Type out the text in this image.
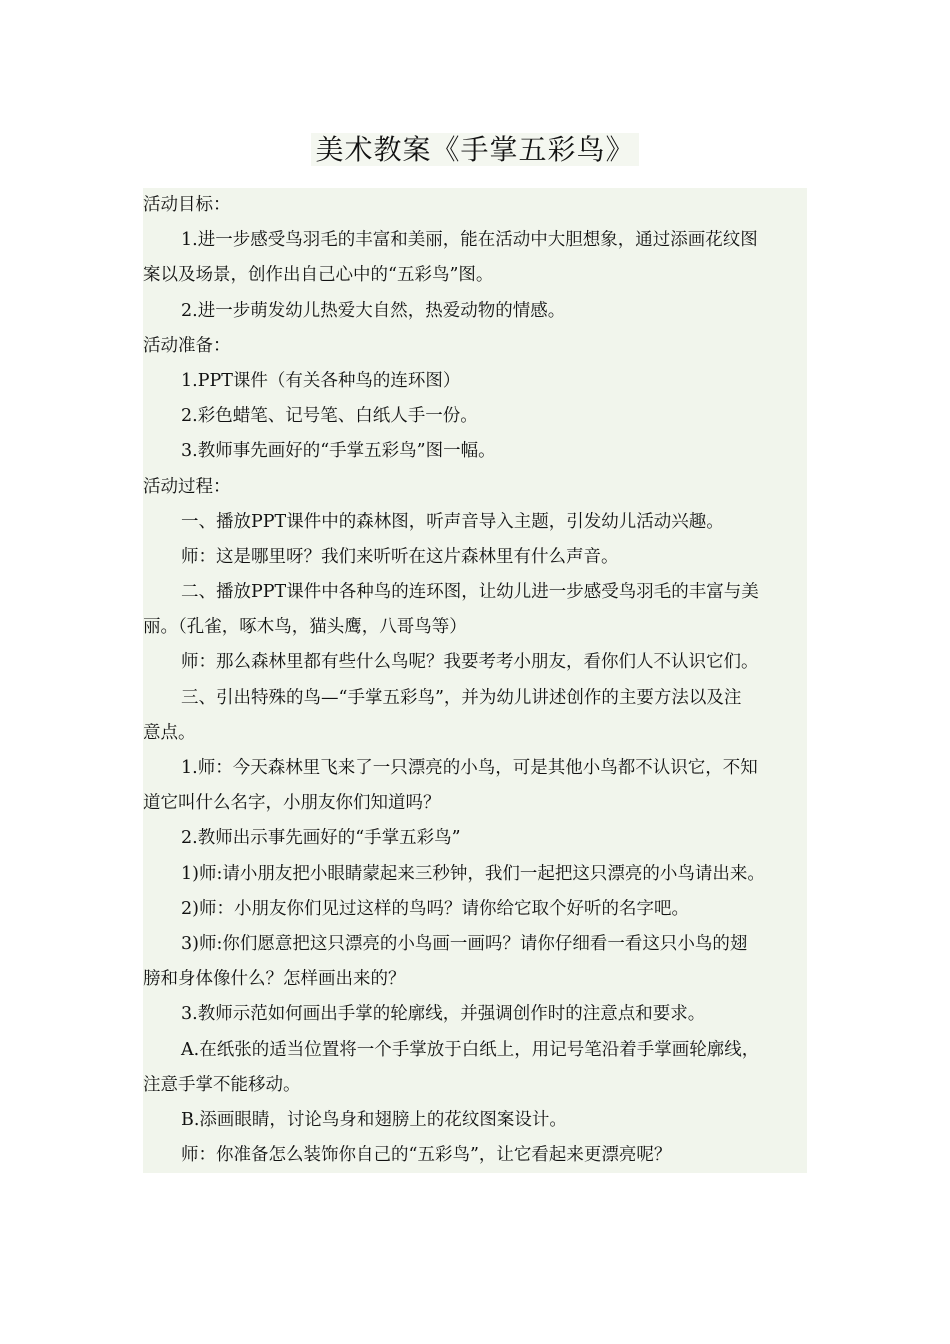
美术教案《手掌五彩鸟》
活动目标：
1.进一步感受鸟羽毛的丰富和美丽，能在活动中大胆想象，通过添画花纹图
案以及场景，创作出自己心中的“五彩鸟”图。
2.进一步萌发幼儿热爱大自然，热爱动物的情感。
活动准备：
1.PPT课件（有关各种鸟的连环图）
2.彩色蜡笔、记号笔、白纸人手一份。
3.教师事先画好的“手掌五彩鸟”图一幅。
活动过程：
一、播放PPT课件中的森林图，听声音导入主题，引发幼儿活动兴趣。
师：这是哪里呀？我们来听听在这片森林里有什么声音。
二、播放PPT课件中各种鸟的连环图，让幼儿进一步感受鸟羽毛的丰富与美
丽。（孔雀，啄木鸟，猫头鹰，八哥鸟等）
师：那么森林里都有些什么鸟呢？我要考考小朋友，看你们人不认识它们。
三、引出特殊的鸟—“手掌五彩鸟”，并为幼儿讲述创作的主要方法以及注
意点。
1.师：今天森林里飞来了一只漂亮的小鸟，可是其他小鸟都不认识它，不知
道它叫什么名字，小朋友你们知道吗？
2.教师出示事先画好的“手掌五彩鸟”
1)师:请小朋友把小眼睛蒙起来三秒钟，我们一起把这只漂亮的小鸟请出来。
2)师：小朋友你们见过这样的鸟吗？请你给它取个好听的名字吧。
3)师:你们愿意把这只漂亮的小鸟画一画吗？请你仔细看一看这只小鸟的翅
膀和身体像什么？怎样画出来的？
3.教师示范如何画出手掌的轮廓线，并强调创作时的注意点和要求。
A.在纸张的适当位置将一个手掌放于白纸上，用记号笔沿着手掌画轮廓线，
注意手掌不能移动。
B.添画眼睛，讨论鸟身和翅膀上的花纹图案设计。
师：你准备怎么装饰你自己的“五彩鸟”，让它看起来更漂亮呢？
